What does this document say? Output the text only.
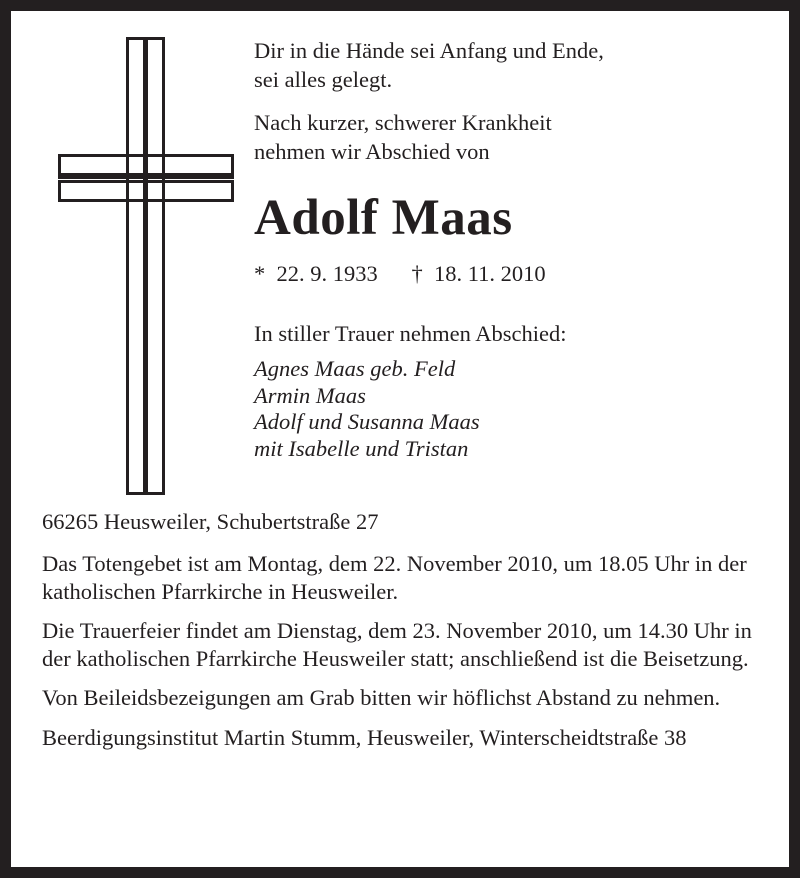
Dir in die Hände sei Anfang und Ende,

sei alles gelegt.

Nach kurzer, schwerer Krankheit

nehmen wir Abschied von

Adolf Maas

*  22. 9. 1933      †  18. 11. 2010

In stiller Trauer nehmen Abschied:

Agnes Maas geb. Feld
Armin Maas
Adolf und Susanna Maas
mit Isabelle und Tristan

66265 Heusweiler, Schubertstraße 27

Das Totengebet ist am Montag, dem 22. November 2010, um 18.05 Uhr in der katholischen Pfarrkirche in Heusweiler.

Die Trauerfeier findet am Dienstag, dem 23. November 2010, um 14.30 Uhr in der katholischen Pfarrkirche Heusweiler statt; anschließend ist die Beisetzung.

Von Beileidsbezeigungen am Grab bitten wir höflichst Abstand zu nehmen.

Beerdigungsinstitut Martin Stumm, Heusweiler, Winterscheidtstraße 38
